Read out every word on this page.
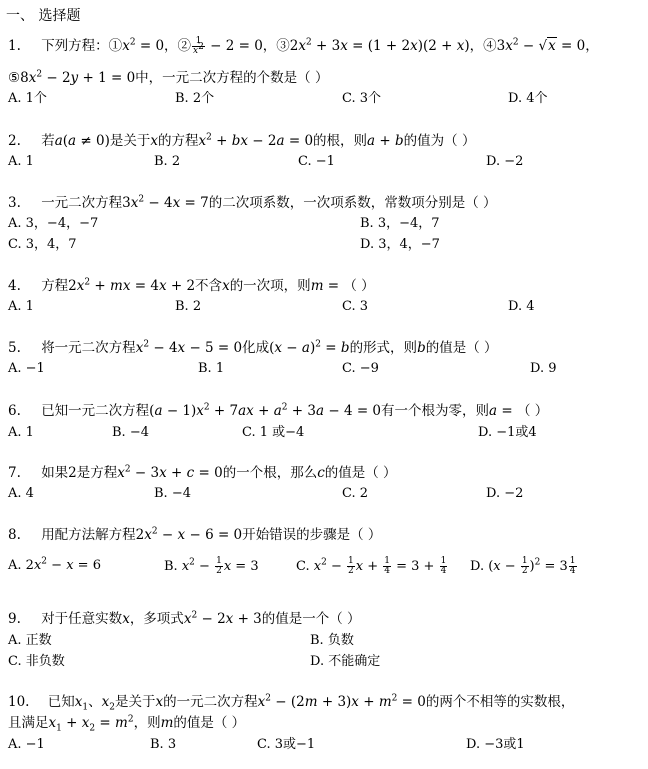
一、 选择题
1. 下列方程：$①x^2 = 0$，② $\frac{1}{x^2} - 2 = 0$，$③2x^2 + 3x = (1 + 2x)(2 + x)$，$④3x^2 - √x = 0$，
$⑤8x^2 - 2y + 1 = 0$中，一元二次方程的个数是（ ）
A. 1个	B. 2个	C. 3个	D. 4个
2. 若a(a ≠ 0)是关于x的方程$x^2$ + bx − 2a = 0的根，则a + b的值为（ ）
A. 1	B. 2	C. −1	D. −2
3. 一元二次方程$3x^2 - 4x = 7$的二次项系数，一次项系数，常数项分别是（ ）
A. 3，−4，−7	B. 3，−4，7
C. 3，4，7	D. 3，4，−7
4. 方程$2x^2$ + mx = 4x + 2不含x的一次项，则m = （ ）
A. 1	B. 2	C. 3	D. 4
5. 将一元二次方程$x^2 - 4x - 5 = 0$化成$(x - a)^2 = b$的形式，则b的值是（ ）
A. −1	B. 1	C. −9	D. 9
6. 已知一元二次方程$(a - 1)x^2 + 7ax + a^2 + 3a - 4 = 0$有一个根为零，则a = （ ）
A. 1	B. −4	C. 1 或−4	D. −1或4
7. 如果2是方程$x^2 - 3x + c = 0$的一个根，那么c的值是（ ）
A. 4	B. −4	C. 2	D. −2
8. 用配方法解方程$2x^2 - x - 6 = 0$开始错误的步骤是（ ）
A. $2x^2 - x = 6$	B. $x^2 - \frac{1}{2}$ x = 3	C. $x^2 - \frac{1}{2}$ $x + \frac{1}{4} = 3 + \frac{1}{4} D$. $(x - \frac{1}{2} )^2 = 3 \frac{1}{4}$
9. 对于任意实数x，多项式$x^2 - 2x + 3$的值是一个（ ）
A. 正数	B. 负数
C. 非负数	D. 不能确定
10. 已知$x_1$、$x_2$是关于x的一元二次方程$x^2 - (2m + 3)x + m^2 = 0$的两个不相等的实数根，
且满足$x_1 + x_2 = m^2$，则m的值是（ ）
A. −1	B. 3	C. 3或−1	D. −3或1
